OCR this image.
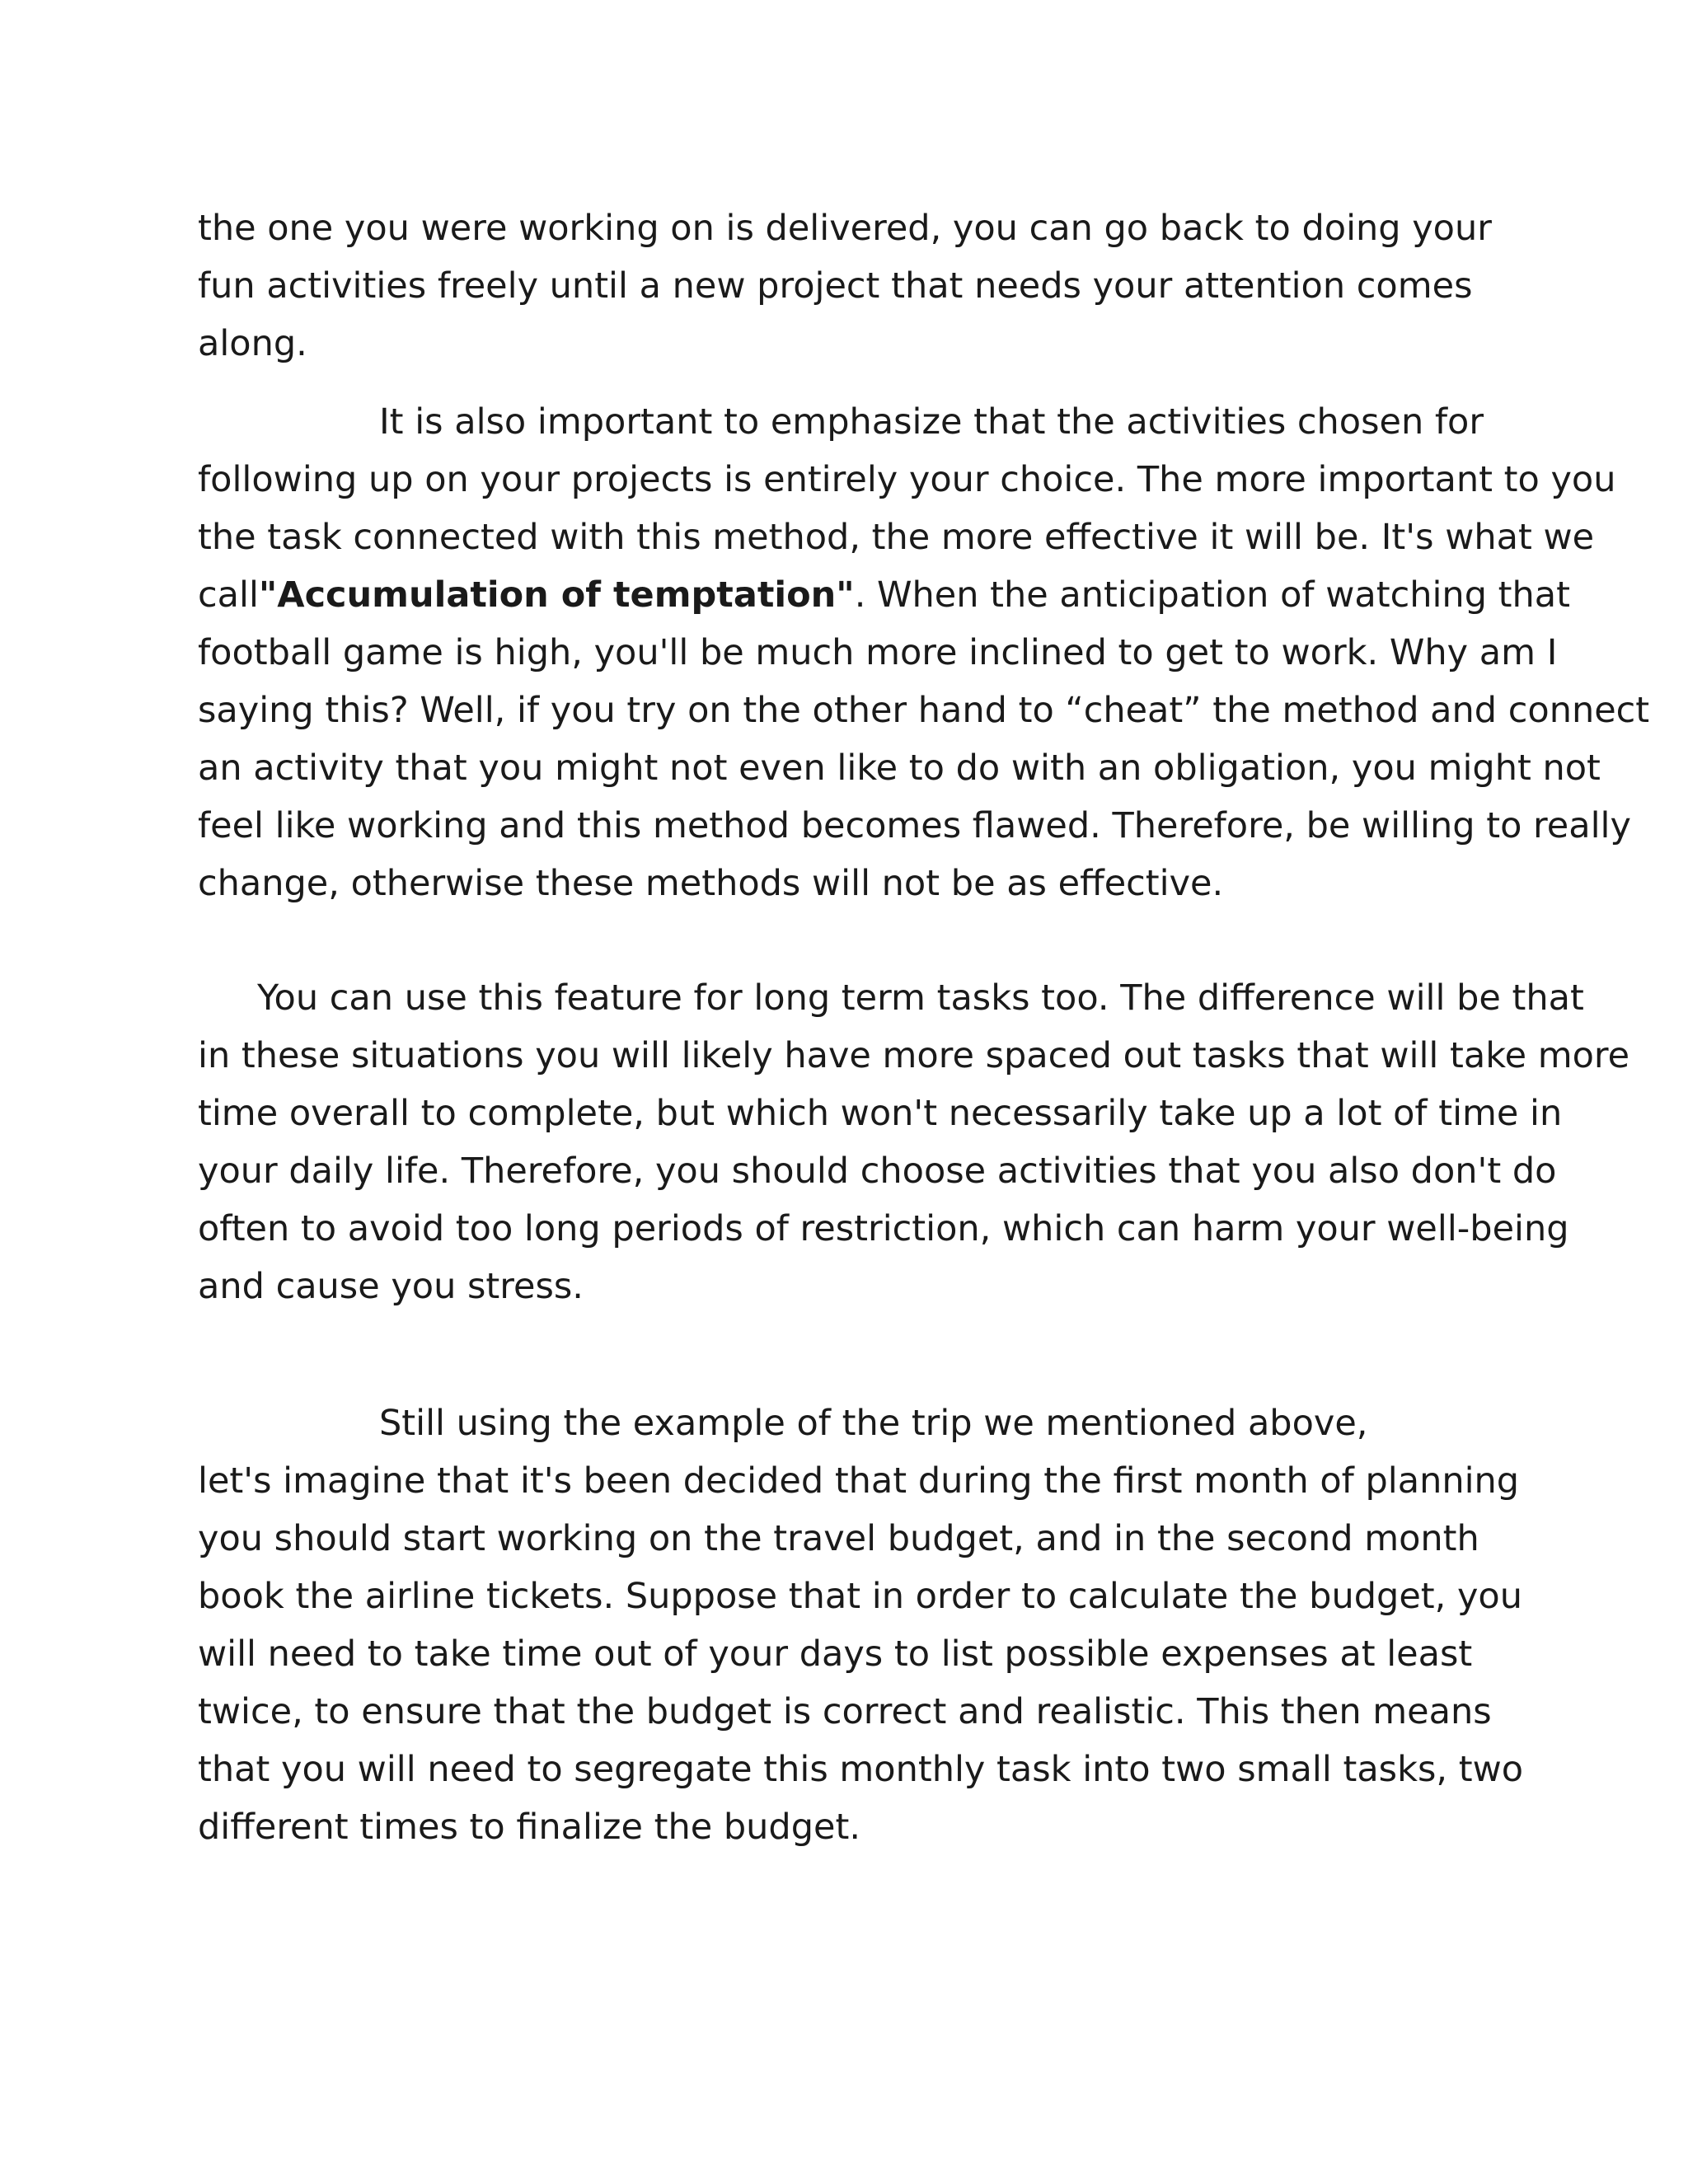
the one you were working on is delivered, you can go back to doing your
fun activities freely until a new project that needs your attention comes
along.
It is also important to emphasize that the activities chosen for
following up on your projects is entirely your choice. The more important to you
the task connected with this method, the more effective it will be. It's what we
call"Accumulation of temptation". When the anticipation of watching that
football game is high, you'll be much more inclined to get to work. Why am I
saying this? Well, if you try on the other hand to “cheat” the method and connect
an activity that you might not even like to do with an obligation, you might not
feel like working and this method becomes flawed. Therefore, be willing to really
change, otherwise these methods will not be as effective.
You can use this feature for long term tasks too. The difference will be that
in these situations you will likely have more spaced out tasks that will take more
time overall to complete, but which won't necessarily take up a lot of time in
your daily life. Therefore, you should choose activities that you also don't do
often to avoid too long periods of restriction, which can harm your well-being
and cause you stress.
Still using the example of the trip we mentioned above,
let's imagine that it's been decided that during the first month of planning
you should start working on the travel budget, and in the second month
book the airline tickets. Suppose that in order to calculate the budget, you
will need to take time out of your days to list possible expenses at least
twice, to ensure that the budget is correct and realistic. This then means
that you will need to segregate this monthly task into two small tasks, two
different times to finalize the budget.
